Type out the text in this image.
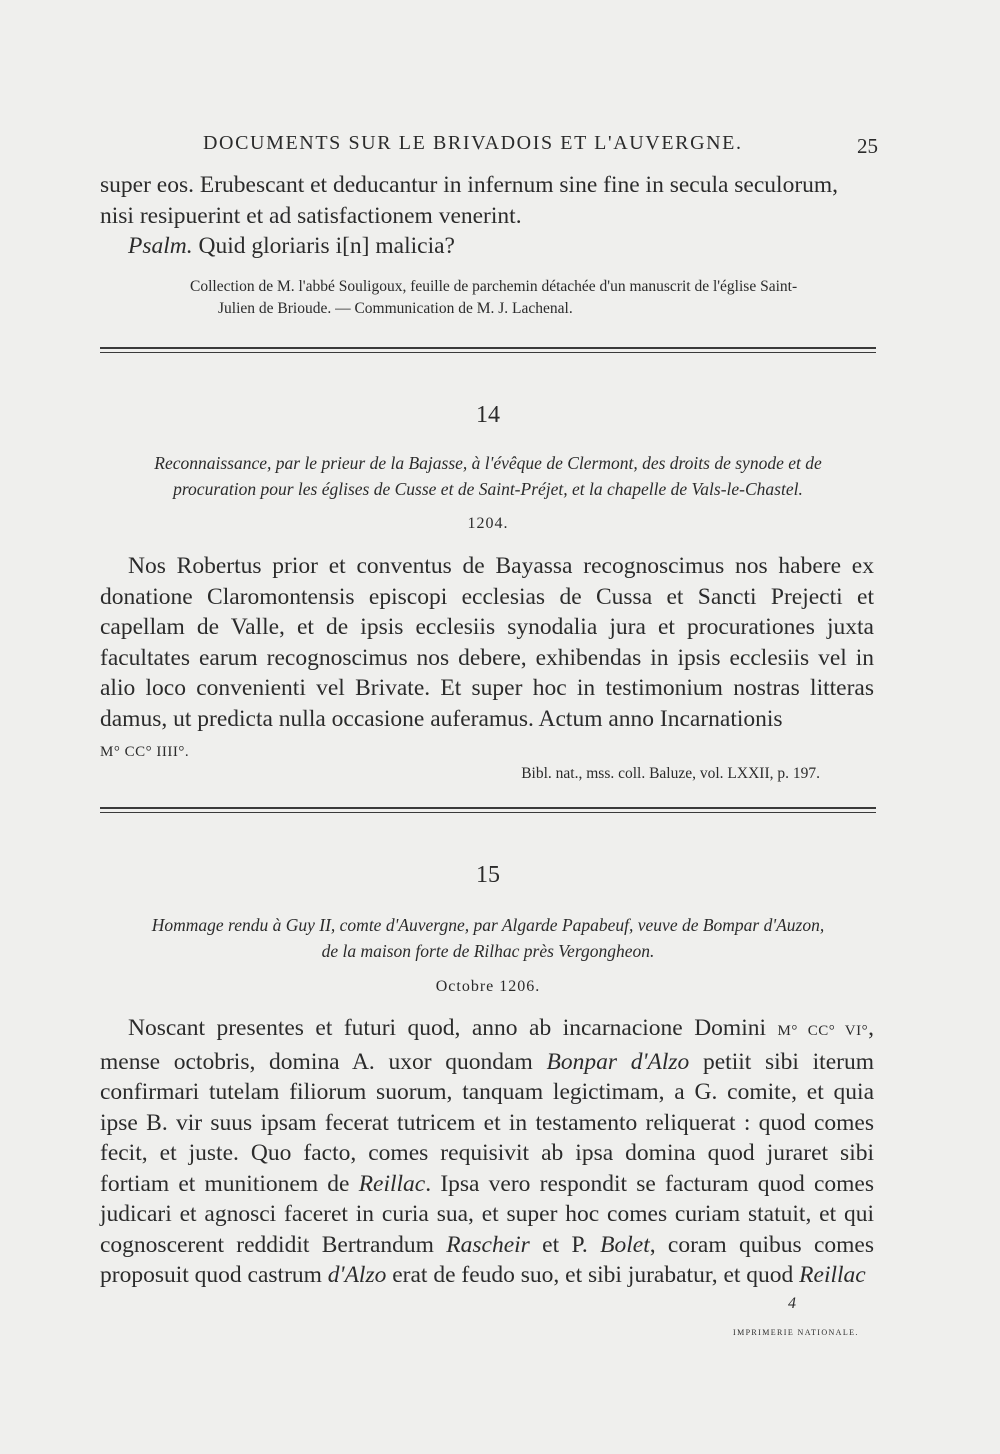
DOCUMENTS SUR LE BRIVADOIS ET L'AUVERGNE.	25

super eos. Erubescant et deducantur in infernum sine fine in secula seculorum,

nisi resipuerint et ad satisfactionem venerint.

Psalm. Quid gloriaris i[n] malicia?

Collection de M. l'abbé Souligoux, feuille de parchemin détachée d'un manuscrit de l'église Saint-
Julien de Brioude. — Communication de M. J. Lachenal.
14
Reconnaissance, par le prieur de la Bajasse, à l'évêque de Clermont, des droits de synode et de
procuration pour les églises de Cusse et de Saint-Préjet, et la chapelle de Vals-le-Chastel.
1204.

Nos Robertus prior et conventus de Bayassa recognoscimus nos habere ex donatione Claromontensis episcopi ecclesias de Cussa et Sancti Prejecti et capellam de Valle, et de ipsis ecclesiis synodalia jura et procurationes juxta facultates earum recognoscimus nos debere, exhibendas in ipsis ecclesiis vel in alio loco convenienti vel Brivate. Et super hoc in testimonium nostras litteras damus, ut predicta nulla occasione auferamus. Actum anno Incarnationis

M° CC° IIII°.

Bibl. nat., mss. coll. Baluze, vol. LXXII, p. 197.
15
Hommage rendu à Guy II, comte d'Auvergne, par Algarde Papabeuf, veuve de Bompar d'Auzon,
de la maison forte de Rilhac près Vergongheon.
Octobre 1206.

Noscant presentes et futuri quod, anno ab incarnacione Domini M° CC° VI°, mense octobris, domina A. uxor quondam Bonpar d'Alzo petiit sibi iterum confirmari tutelam filiorum suorum, tanquam legictimam, a G. comite, et quia ipse B. vir suus ipsam fecerat tutricem et in testamento reliquerat : quod comes fecit, et juste. Quo facto, comes requisivit ab ipsa domina quod juraret sibi fortiam et munitionem de Reillac. Ipsa vero respondit se facturam quod comes judicari et agnosci faceret in curia sua, et super hoc comes curiam statuit, et qui cognoscerent reddidit Bertrandum Rascheir et P. Bolet, coram quibus comes proposuit quod castrum d'Alzo erat de feudo suo, et sibi jurabatur, et quod Reillac

4
IMPRIMERIE NATIONALE.
